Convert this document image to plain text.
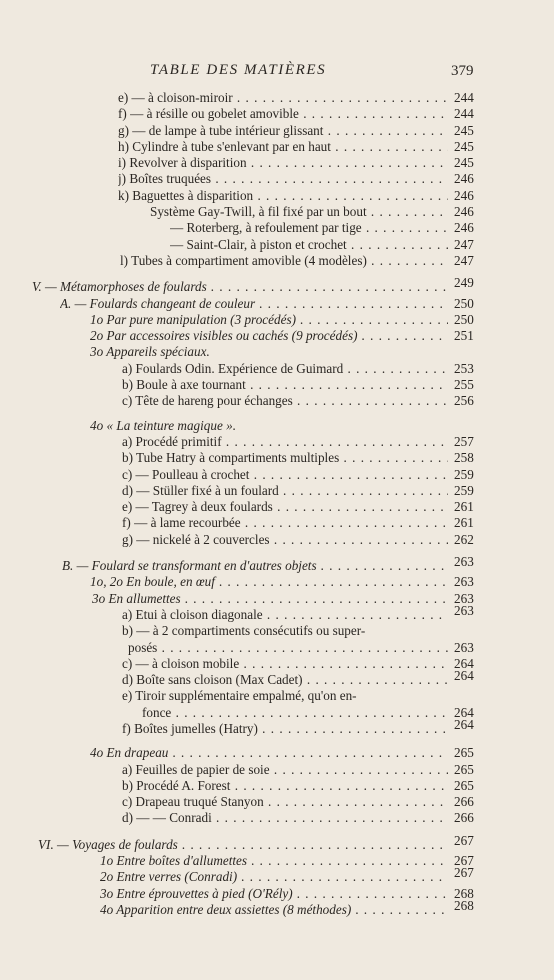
TABLE DES MATIÈRES	379
e) — à cloison-miroir . . .	244
f) — à résille ou gobelet amovible . . .	244
g) — de lampe à tube intérieur glissant . . .	245
h) Cylindre à tube s'enlevant par en haut . . .	245
i) Revolver à disparition . . .	245
j) Boîtes truquées . . .	246
k) Baguettes à disparition . . .	246
Système Gay-Twill, à fil fixé par un bout . . .	246
— Roterberg, à refoulement par tige . . .	246
— Saint-Clair, à piston et crochet . . .	247
l) Tubes à compartiment amovible (4 modèles) . . .	247
V. — Métamorphoses de foulards . . .	249
A. — Foulards changeant de couleur . . .	250
1o Par pure manipulation (3 procédés) . . .	250
2o Par accessoires visibles ou cachés (9 procédés) . . .	251
3o Appareils spéciaux.
a) Foulards Odin. Expérience de Guimard . . .	253
b) Boule à axe tournant . . .	255
c) Tête de hareng pour échanges . . .	256
4o « La teinture magique ».
a) Procédé primitif . . .	257
b) Tube Hatry à compartiments multiples . . .	258
c) — Poulleau à crochet . . .	259
d) — Stüller fixé à un foulard . . .	259
e) — Tagrey à deux foulards . . .	261
f) — à lame recourbée . . .	261
g) — nickelé à 2 couvercles . . .	262
B. — Foulard se transformant en d'autres objets . . .	263
1o, 2o En boule, en œuf . . .	263
3o En allumettes . . .	263
a) Etui à cloison diagonale . . .	263
b) — à 2 compartiments consécutifs ou super-
posés . . .	263
c) — à cloison mobile . . .	264
d) Boîte sans cloison (Max Cadet) . . .	264
e) Tiroir supplémentaire empalmé, qu'on en-
fonce . . .	264
f) Boîtes jumelles (Hatry) . . .	264
4o En drapeau . . .	265
a) Feuilles de papier de soie . . .	265
b) Procédé A. Forest . . .	265
c) Drapeau truqué Stanyon . . .	266
d) — — Conradi . . .	266
VI. — Voyages de foulards . . .	267
1o Entre boîtes d'allumettes . . .	267
2o Entre verres (Conradi) . . .	267
3o Entre éprouvettes à pied (O'Rély) . . .	268
4o Apparition entre deux assiettes (8 méthodes) . . .	268
